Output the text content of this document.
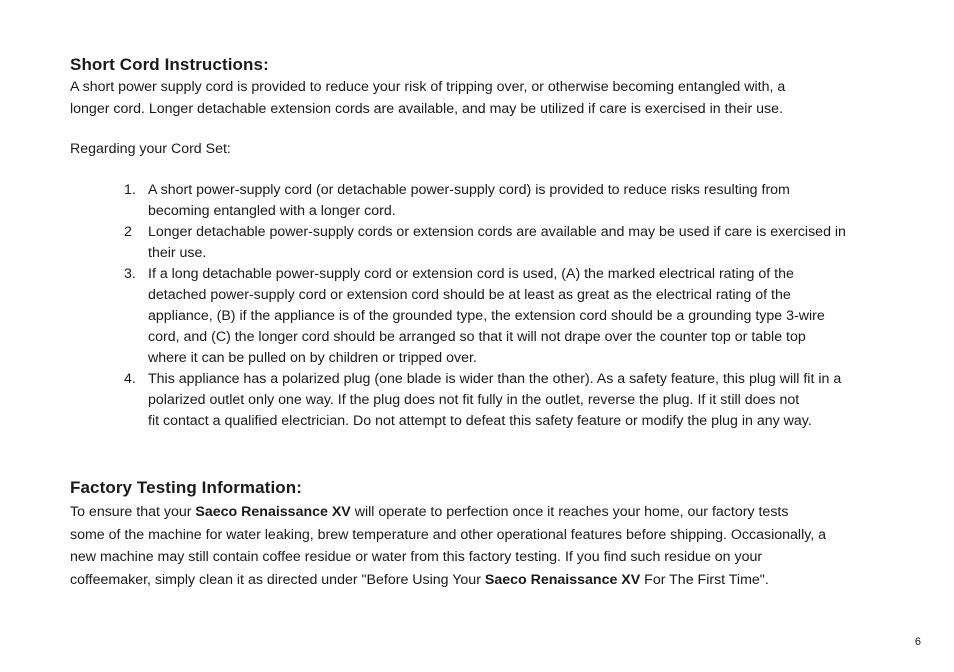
Short Cord Instructions:

A short power supply cord is provided to reduce your risk of tripping over, or otherwise becoming entangled with, a
longer cord. Longer detachable extension cords are available, and may be utilized if care is exercised in their use.

Regarding your Cord Set:

1. A short power-supply cord (or detachable power-supply cord) is provided to reduce risks resulting from
becoming entangled with a longer cord.
2 Longer detachable power-supply cords or extension cords are available and may be used if care is exercised in
their use.
3. If a long detachable power-supply cord or extension cord is used, (A) the marked electrical rating of the
detached power-supply cord or extension cord should be at least as great as the electrical rating of the
appliance, (B) if the appliance is of the grounded type, the extension cord should be a grounding type 3-wire
cord, and (C) the longer cord should be arranged so that it will not drape over the counter top or table top
where it can be pulled on by children or tripped over.
4. This appliance has a polarized plug (one blade is wider than the other). As a safety feature, this plug will fit in a
polarized outlet only one way. If the plug does not fit fully in the outlet, reverse the plug. If it still does not
fit contact a qualified electrician. Do not attempt to defeat this safety feature or modify the plug in any way.
Factory Testing Information:

To ensure that your Saeco Renaissance XV will operate to perfection once it reaches your home, our factory tests
some of the machine for water leaking, brew temperature and other operational features before shipping. Occasionally, a
new machine may still contain coffee residue or water from this factory testing. If you find such residue on your
coffeemaker, simply clean it as directed under "Before Using Your Saeco Renaissance XV For The First Time".

6
